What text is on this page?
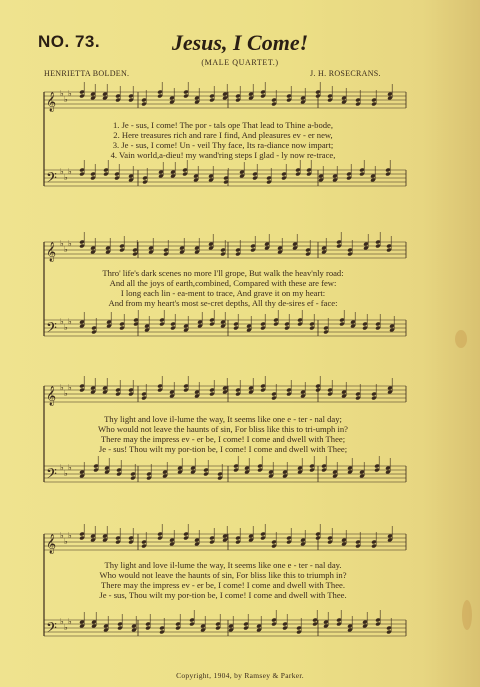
NO. 73.	Jesus, I Come!
(MALE QUARTET.)
HENRIETTA BOLDEN.	J. H. ROSECRANS.
𝄞 ♭
♭
♭
𝄢 ♭
♭
♭
1. Je - sus, I come! The por - tals ope That lead to Thine a-bode,
2. Here treasures rich and rare I find, And pleasures ev - er new,
3. Je - sus, I come! Un - veil Thy face, Its ra-diance now impart;
4. Vain world,a-dieu! my wand'ring steps I glad - ly now re-trace,
𝄞 ♭
♭
♭
𝄢 ♭
♭
♭
Thro' life's dark scenes no more I'll grope, But walk the heav'nly road:
And all the joys of earth,combined, Compared with these are few:
I long each lin - ea-ment to trace, And grave it on my heart:
And from my heart's most se-cret depths, All thy de-sires ef - face:
𝄞 ♭
♭
♭
𝄢 ♭
♭
♭
Thy light and love il-lume the way, It seems like one e - ter - nal day;
Who would not leave the haunts of sin, For bliss like this to tri-umph in?
There may the impress ev - er be, I come! I come and dwell with Thee;
Je - sus! Thou wilt my por-tion be, I come! I come and dwell with Thee;
𝄞 ♭
♭
♭
𝄢 ♭
♭
♭
Thy light and love il-lume the way, It seems like one e - ter - nal day.
Who would not leave the haunts of sin, For bliss like this to triumph in?
There may the impress ev - er be, I come! I come and dwell with Thee.
Je - sus, Thou wilt my por-tion be, I come! I come and dwell with Thee.
Copyright, 1904, by Ramsey & Parker.
